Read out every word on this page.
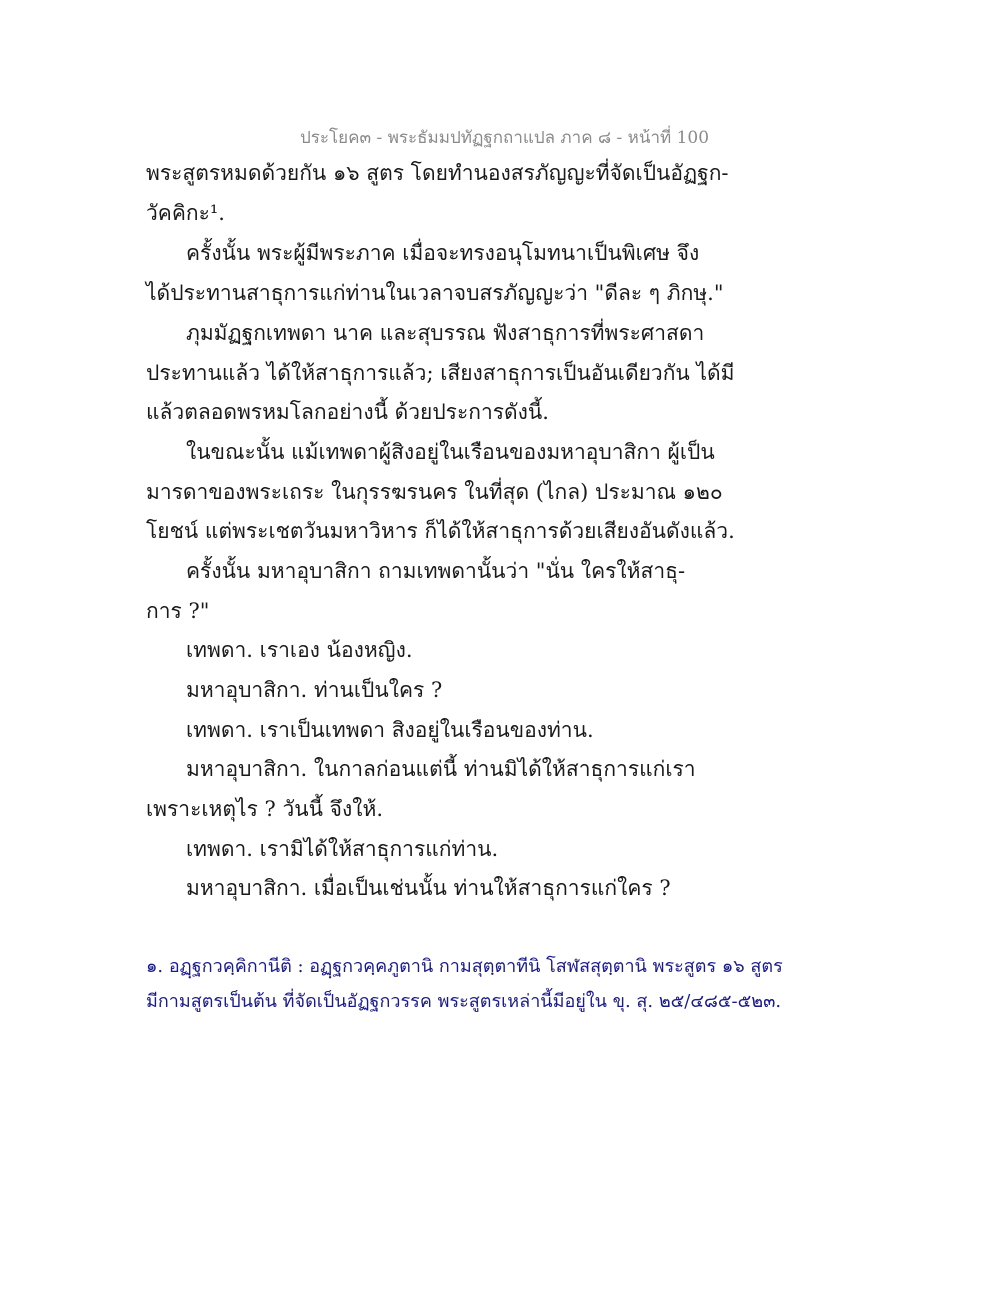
ประโยค๓ - พระธัมมปทัฏฐกถาแปล ภาค ๘ - หน้าที่ 100
พระสูตรหมดด้วยกัน ๑๖ สูตร โดยทำนองสรภัญญะที่จัดเป็นอัฏฐก-
วัคคิกะ¹.
ครั้งนั้น พระผู้มีพระภาค เมื่อจะทรงอนุโมทนาเป็นพิเศษ จึง
ได้ประทานสาธุการแก่ท่านในเวลาจบสรภัญญะว่า "ดีละ ๆ ภิกษุ."
ภุมมัฏฐกเทพดา นาค และสุบรรณ ฟังสาธุการที่พระศาสดา
ประทานแล้ว ได้ให้สาธุการแล้ว; เสียงสาธุการเป็นอันเดียวกัน ได้มี
แล้วตลอดพรหมโลกอย่างนี้ ด้วยประการดังนี้.
ในขณะนั้น แม้เทพดาผู้สิงอยู่ในเรือนของมหาอุบาสิกา ผู้เป็น
มารดาของพระเถระ ในกุรรฆรนคร ในที่สุด (ไกล) ประมาณ ๑๒๐
โยชน์ แต่พระเชตวันมหาวิหาร ก็ได้ให้สาธุการด้วยเสียงอันดังแล้ว.
ครั้งนั้น มหาอุบาสิกา ถามเทพดานั้นว่า "นั่น ใครให้สาธุ-
การ ?"
เทพดา. เราเอง น้องหญิง.
มหาอุบาสิกา. ท่านเป็นใคร ?
เทพดา. เราเป็นเทพดา สิงอยู่ในเรือนของท่าน.
มหาอุบาสิกา. ในกาลก่อนแต่นี้ ท่านมิได้ให้สาธุการแก่เรา
เพราะเหตุไร ? วันนี้ จึงให้.
เทพดา. เรามิได้ให้สาธุการแก่ท่าน.
มหาอุบาสิกา. เมื่อเป็นเช่นนั้น ท่านให้สาธุการแก่ใคร ?
๑. อฏฺฐกวคฺคิกานีติ : อฏฺฐกวคฺคภูตานิ กามสุตฺตาทีนิ โสฬสสุตฺตานิ พระสูตร ๑๖ สูตร
มีกามสูตรเป็นต้น ที่จัดเป็นอัฏฐกวรรค พระสูตรเหล่านี้มีอยู่ใน ขุ. สุ. ๒๕/๔๘๕-๕๒๓.
